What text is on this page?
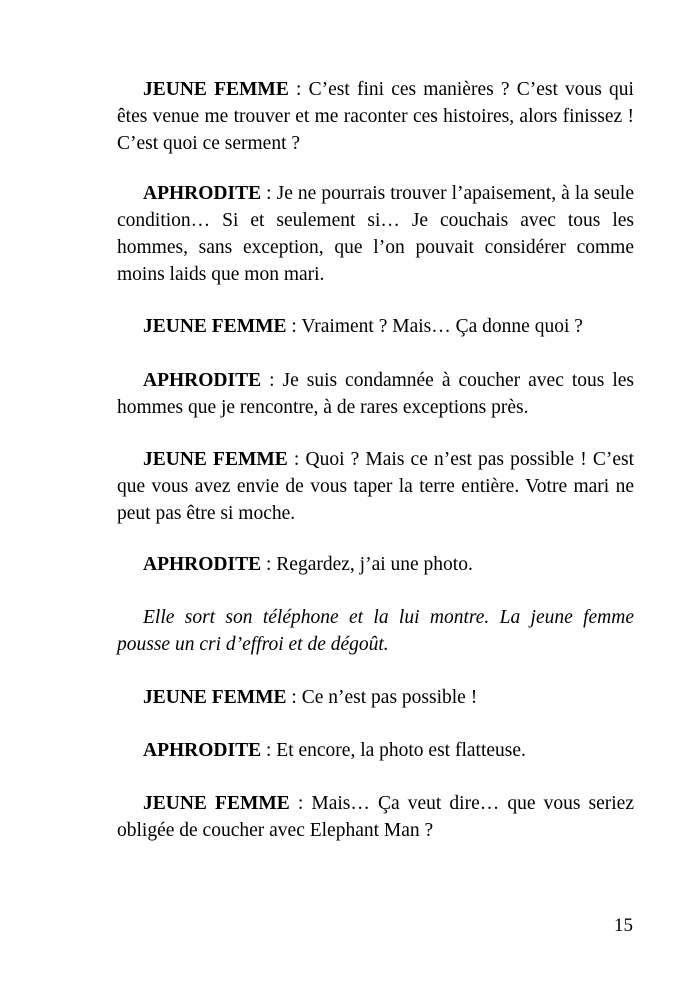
JEUNE FEMME : C’est fini ces manières ? C’est vous qui êtes venue me trouver et me raconter ces histoires, alors finissez ! C’est quoi ce serment ?

APHRODITE : Je ne pourrais trouver l’apaisement, à la seule condition… Si et seulement si… Je couchais avec tous les hommes, sans exception, que l’on pouvait considérer comme moins laids que mon mari.

JEUNE FEMME : Vraiment ? Mais… Ça donne quoi ?

APHRODITE : Je suis condamnée à coucher avec tous les hommes que je rencontre, à de rares exceptions près.

JEUNE FEMME : Quoi ? Mais ce n’est pas possible ! C’est que vous avez envie de vous taper la terre entière. Votre mari ne peut pas être si moche.

APHRODITE : Regardez, j’ai une photo.

Elle sort son téléphone et la lui montre. La jeune femme pousse un cri d’effroi et de dégoût.

JEUNE FEMME : Ce n’est pas possible !

APHRODITE : Et encore, la photo est flatteuse.

JEUNE FEMME : Mais… Ça veut dire… que vous seriez obligée de coucher avec Elephant Man ?

15
